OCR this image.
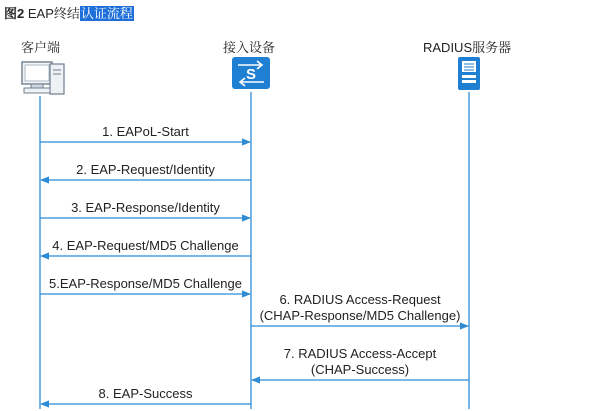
图2 EAP终结认证流程
客户端	接入设备	RADIUS服务器
S
1. EAPoL-Start
2. EAP-Request/Identity
3. EAP-Response/Identity
4. EAP-Request/MD5 Challenge
5.EAP-Response/MD5 Challenge
6. RADIUS Access-Request
(CHAP-Response/MD5 Challenge)
7. RADIUS Access-Accept
(CHAP-Success)
8. EAP-Success
